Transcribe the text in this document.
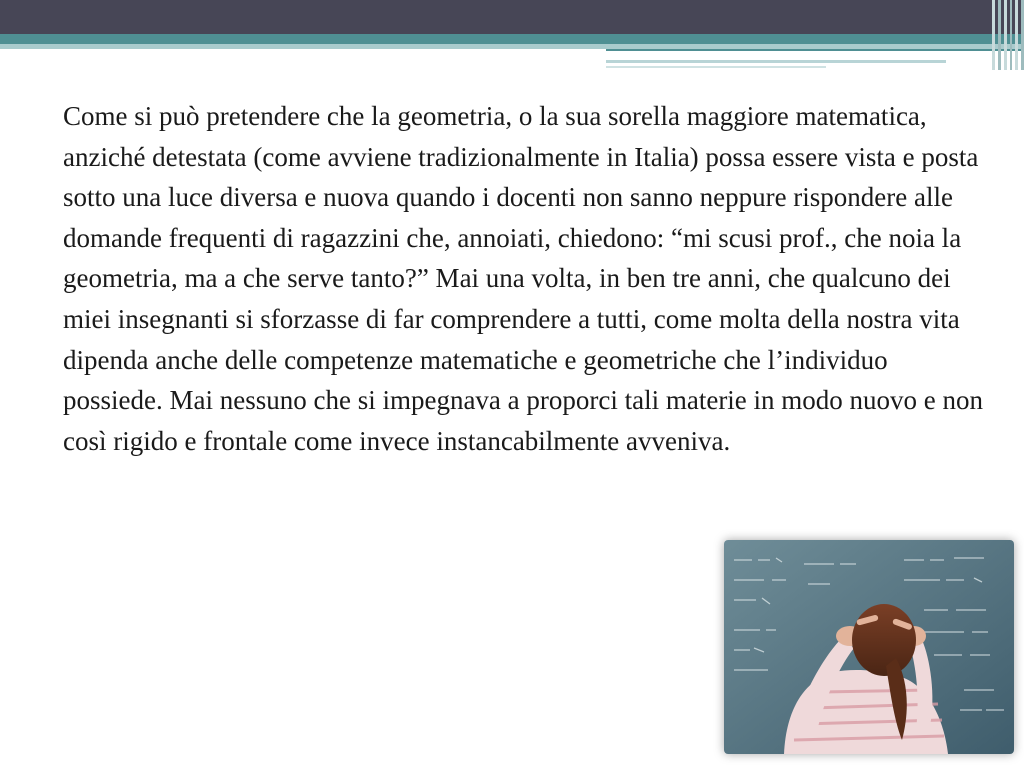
Come si può pretendere che la geometria, o la sua sorella maggiore matematica, anziché detestata (come avviene tradizionalmente in Italia) possa essere vista e posta sotto una luce diversa e nuova quando i docenti non sanno neppure rispondere alle domande frequenti di ragazzini che, annoiati, chiedono: “mi scusi prof., che noia la geometria, ma a che serve tanto?” Mai una volta, in ben tre anni, che qualcuno dei miei insegnanti si sforzasse di far comprendere a tutti, come molta della nostra vita dipenda anche delle competenze matematiche e geometriche che l’individuo possiede. Mai nessuno che si impegnava a proporci tali materie in modo nuovo e non così rigido e frontale come invece instancabilmente avveniva.
